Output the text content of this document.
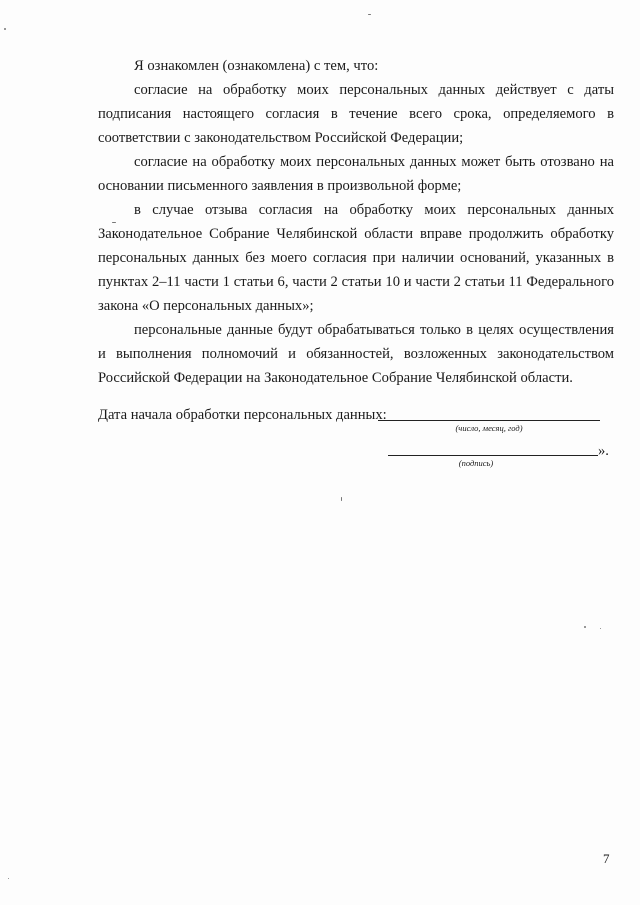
Я ознакомлен (ознакомлена) с тем, что:
согласие на обработку моих персональных данных действует с даты подписания настоящего согласия в течение всего срока, определяемого в соответствии с законодательством Российской Федерации;
согласие на обработку моих персональных данных может быть отозвано на основании письменного заявления в произвольной форме;
в случае отзыва согласия на обработку моих персональных данных Законодательное Собрание Челябинской области вправе продолжить обработку персональных данных без моего согласия при наличии оснований, указанных в пунктах 2–11 части 1 статьи 6, части 2 статьи 10 и части 2 статьи 11 Федерального закона «О персональных данных»;
персональные данные будут обрабатываться только в целях осуществления и выполнения полномочий и обязанностей, возложенных законодательством Российской Федерации на Законодательное Собрание Челябинской области.
Дата начала обработки персональных данных:
(число, месяц, год)
».
(подпись)
7
